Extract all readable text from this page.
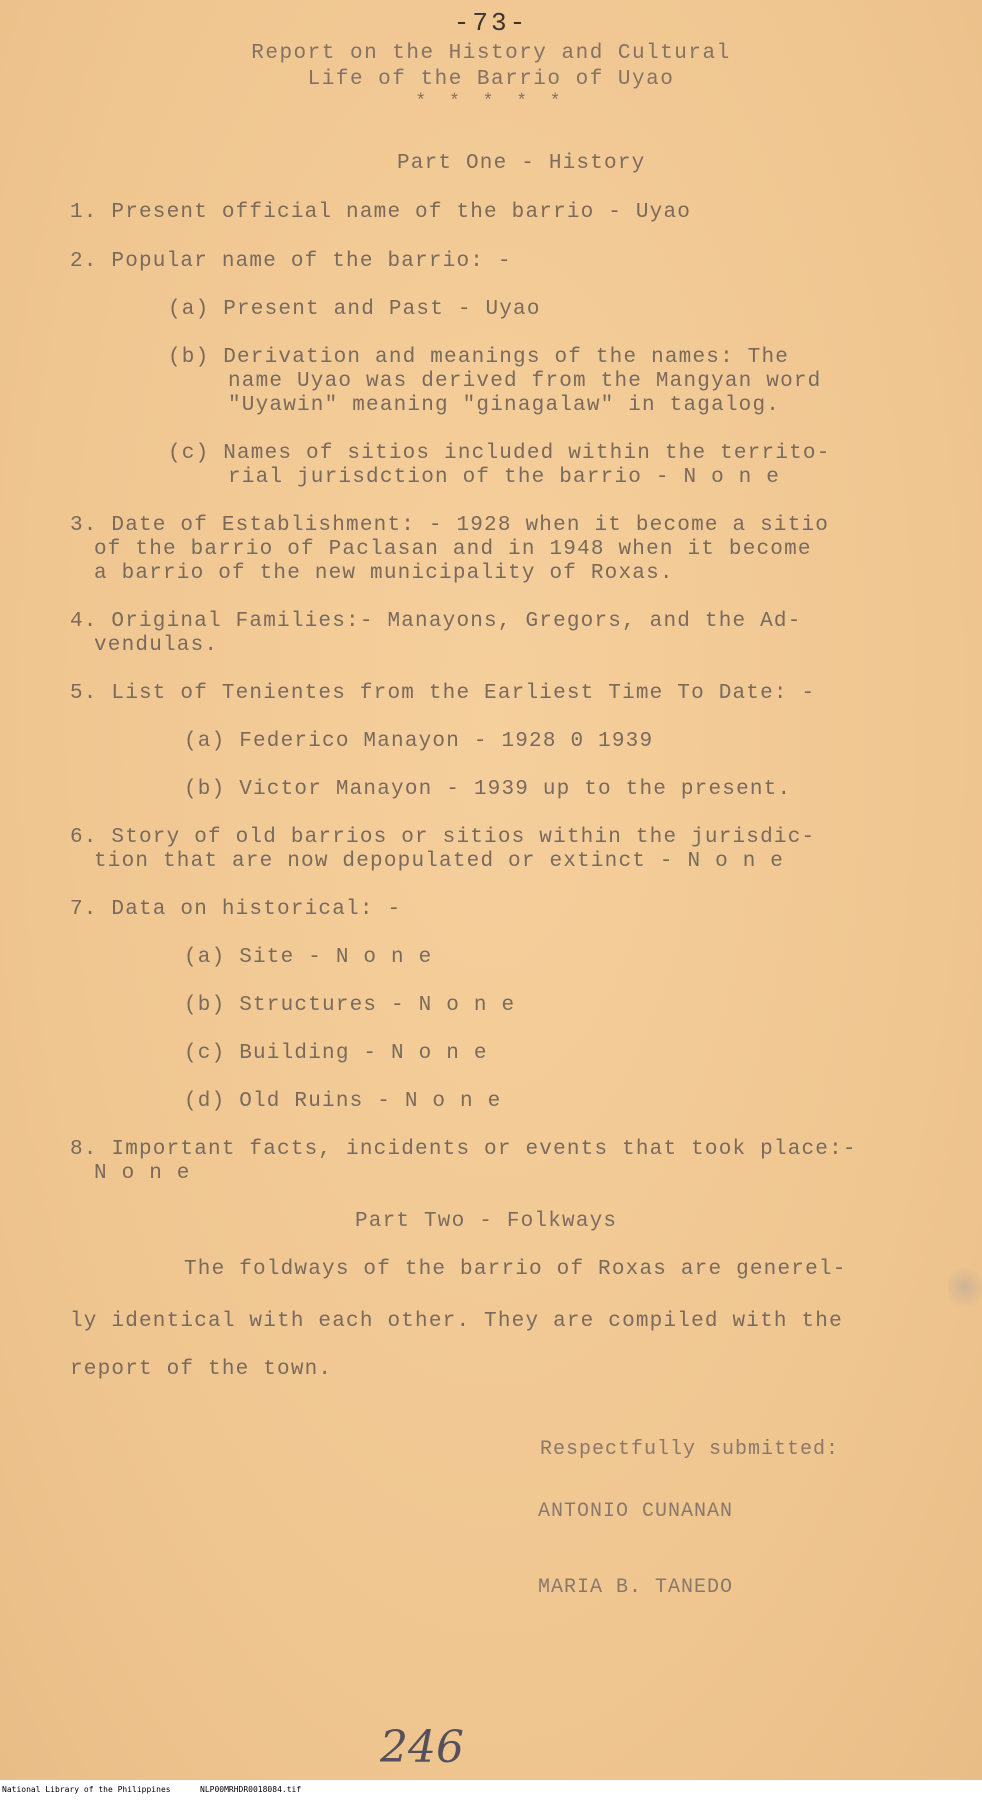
-73-
Report on the History and Cultural
Life of the Barrio of Uyao
* * * * *
Part One - History
1. Present official name of the barrio - Uyao
2. Popular name of the barrio: -
(a) Present and Past - Uyao
(b) Derivation and meanings of the names: The
name Uyao was derived from the Mangyan word
"Uyawin" meaning "ginagalaw" in tagalog.
(c) Names of sitios included within the territo-
rial jurisdction of the barrio - N o n e
3. Date of Establishment: - 1928 when it become a sitio
of the barrio of Paclasan and in 1948 when it become
a barrio of the new municipality of Roxas.
4. Original Families:- Manayons, Gregors, and the Ad-
vendulas.
5. List of Tenientes from the Earliest Time To Date: -
(a) Federico Manayon - 1928 0 1939
(b) Victor Manayon - 1939 up to the present.
6. Story of old barrios or sitios within the jurisdic-
tion that are now depopulated or extinct - N o n e
7. Data on historical: -
(a) Site - N o n e
(b) Structures - N o n e
(c) Building - N o n e
(d) Old Ruins - N o n e
8. Important facts, incidents or events that took place:-
N o n e
Part Two - Folkways
The foldways of the barrio of Roxas are generel-
ly identical with each other. They are compiled with the
report of the town.
Respectfully submitted:
ANTONIO CUNANAN
MARIA B. TANEDO
246
National Library of the Philippines	NLP00MRHDR0018084.tif
